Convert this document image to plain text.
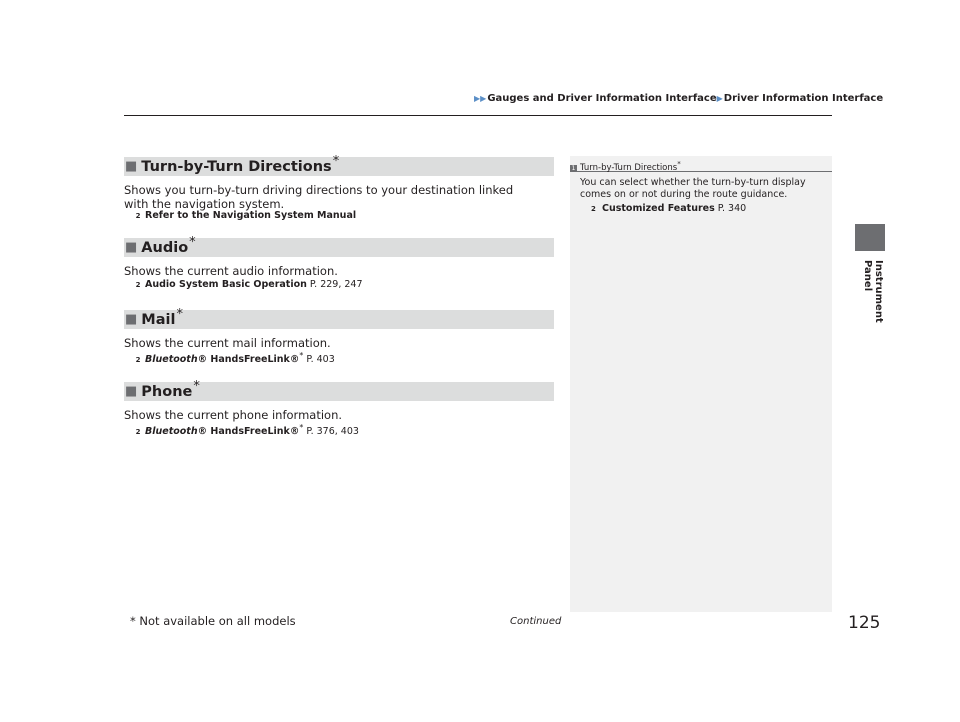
▶▶Gauges and Driver Information Interface▶Driver Information Interface
Instrument Panel
■ Turn-by-Turn Directions*
Shows you turn-by-turn driving directions to your destination linked with the navigation system.
2 Refer to the Navigation System Manual
■ Audio*
Shows the current audio information.
2 Audio System Basic Operation P. 229, 247
■ Mail*
Shows the current mail information.
2 Bluetooth® HandsFreeLink®* P. 403
■ Phone*
Shows the current phone information.
2 Bluetooth® HandsFreeLink®* P. 376, 403
1 Turn-by-Turn Directions*
You can select whether the turn-by-turn display comes on or not during the route guidance.
2 Customized Features P. 340
* Not available on all models	Continued	125
